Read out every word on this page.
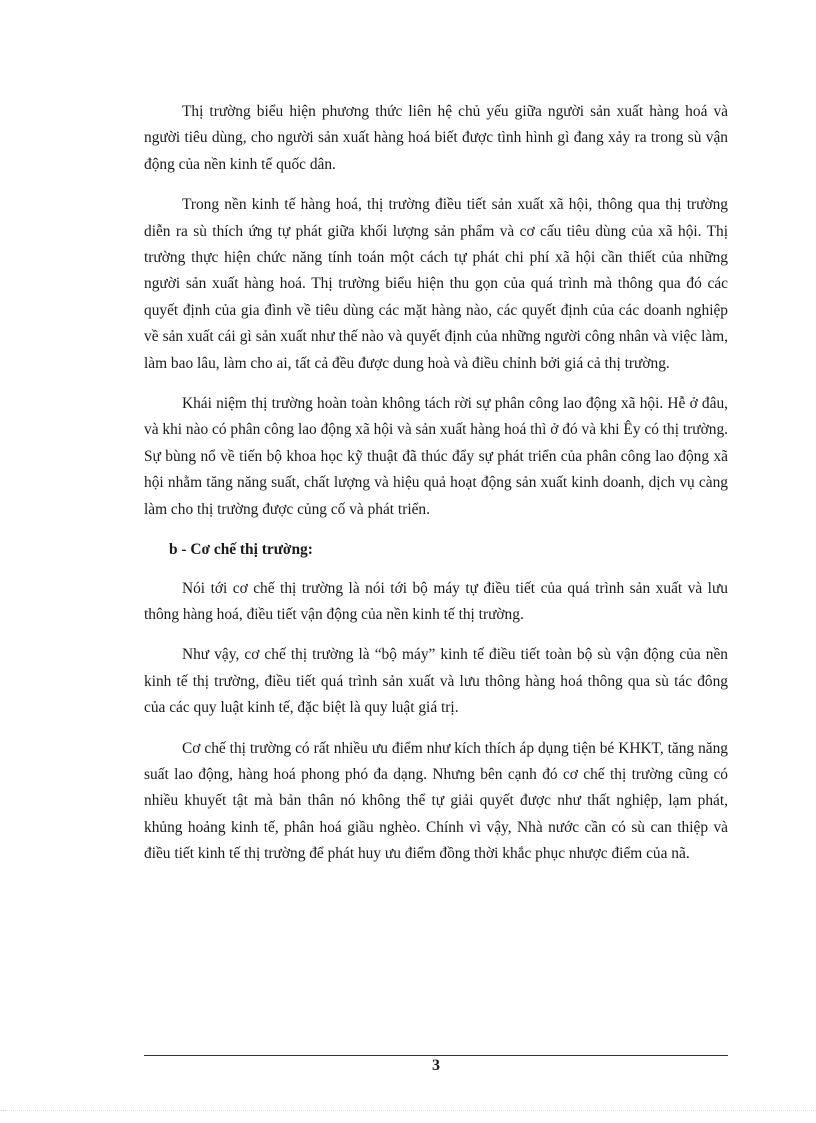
Thị trường biểu hiện phương thức liên hệ chủ yếu giữa người sản xuất hàng hoá và người tiêu dùng, cho người sản xuất hàng hoá biết được tình hình gì đang xảy ra trong sù vận động của nền kinh tế quốc dân.

Trong nền kinh tế hàng hoá, thị trường điều tiết sản xuất xã hội, thông qua thị trường diễn ra sù thích ứng tự phát giữa khối lượng sản phẩm và cơ cấu tiêu dùng của xã hội. Thị trường thực hiện chức năng tính toán một cách tự phát chi phí xã hội cần thiết của những người sản xuất hàng hoá. Thị trường biểu hiện thu gọn của quá trình mà thông qua đó các quyết định của gia đình về tiêu dùng các mặt hàng nào, các quyết định của các doanh nghiệp về sản xuất cái gì sản xuất như thế nào và quyết định của những người công nhân và việc làm, làm bao lâu, làm cho ai, tất cả đều được dung hoà và điều chỉnh bởi giá cả thị trường.

Khái niệm thị trường hoàn toàn không tách rời sự phân công lao động xã hội. Hễ ở đâu, và khi nào có phân công lao động xã hội và sản xuất hàng hoá thì ở đó và khi Êy có thị trường. Sự bùng nổ về tiến bộ khoa học kỹ thuật đã thúc đẩy sự phát triển của phân công lao động xã hội nhằm tăng năng suất, chất lượng và hiệu quả hoạt động sản xuất kinh doanh, dịch vụ càng làm cho thị trường được củng cố và phát triển.

b - Cơ chế thị trường:

Nói tới cơ chế thị trường là nói tới bộ máy tự điều tiết của quá trình sản xuất và lưu thông hàng hoá, điều tiết vận động của nền kinh tế thị trường.

Như vậy, cơ chế thị trường là “bộ máy” kinh tế điều tiết toàn bộ sù vận động của nền kinh tế thị trường, điều tiết quá trình sản xuất và lưu thông hàng hoá thông qua sù tác đông của các quy luật kinh tế, đặc biệt là quy luật giá trị.

Cơ chế thị trường có rất nhiều ưu điểm như kích thích áp dụng tiện bé KHKT, tăng năng suất lao động, hàng hoá phong phó đa dạng. Nhưng bên cạnh đó cơ chế thị trường cũng có nhiều khuyết tật mà bản thân nó không thể tự giải quyết được như thất nghiệp, lạm phát, khủng hoảng kinh tế, phân hoá giầu nghèo. Chính vì vậy, Nhà nước cần có sù can thiệp và điều tiết kinh tế thị trường để phát huy ưu điểm đồng thời khắc phục nhược điểm của nã.

3
